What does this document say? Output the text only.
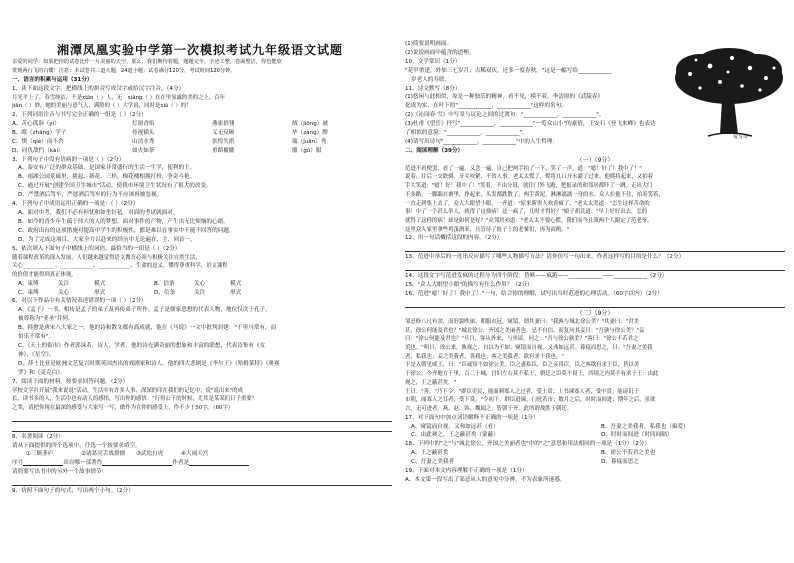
湘潭凤凰实验中学第一次模拟考试九年级语文试题
亲爱的同学：如果把你的试卷比作一片美丽的天空，那么，我们期待着题，题题完全，字迹工整，卷面整洁，你也能欣
赏到两行飞的白鹭！注意：本试卷共三道大题，24道小题；试卷满分120分，考试时间120分钟。
一、语言的积累与运用（31分）
1、读下面这段文字，把横线上的拼音写成汉字或给汉字注音。（4分）
月光平上了，春雪纯洁，不是xiān（ ）人，无　xiāng（ ）在在里显露的美的之上。百年
jiān（ ）妙，她的美丽与意气人，满脸的（ ）大学说，同时是xiā（ ）的！
2、下列词语注音与书写完全正确的一组是（ ）（2分）
A、苦心孤诣（yì）	灯窗香焰	燕雀拾翎	绒（jiōng）被
B、瞠（zhāng）学子	骨视猫头	义无反顾	毕（zàng）牌
C、锲（qiè）而不舍	山清水秀	张惶失措	瑞（juān）秀
D、同仇敌忾（kài）	如火如荼	重蹈覆辙	骼（gǔ）服
3、下列句子中没有语病的一项是（ ）（2分）
A、泰安有广泛的群众基础，是国家非常盛行的生活一生学，使利的主。
B、雨湖公园景廊里，挑起、新花、三桂，梅花楼相拥打扮，争奇斗艳。
C、通过开展"创建全国卫生城市"活动，使我市环境卫生状况有了很大的改变。
D、严禁酒后驾车，严惩酒后驾车的行为不应该再被忽视。
4、下列句子中成语运用正确的一项是：（ ）（2分）
A、面对中考，我们不必有担忧和如坐针毡。对面的考试就面对。
B、如今的青少年生疏于伟大的人的梦想，面对事件的产物，产生出无比烦恼的心绪。
C、政府出台的这项措施对提高中学生的积极性，都是难以在事实中不能不回答的问题。
D、为了完成这项目，大家全力以赴来的经历中无论遍在，主，回首一。
5、依次填入下面句子中横线上的词语，最恰当的一组是（ ）（2分）
随着课程改革的深入发展，人们越来越觉得语文教育必须与积极关注自然生活，
关心____________、____________、____________、生命的意义，懂得尊重科学，语文课程
的价值才能得到真正体现。
A、束缚	关注	模式	B、信条	关心	模式
C、束缚	关心	形式	D、信条	关注	形式
6、对以下作品中有关情况表述错误的一项（ ）（2分）
A、《孟子》一书，相传是孟子的弟子及再传弟子所作。孟子是儒家思想的代表人物，地位仅次于孔子，
被尊称为"亚圣"并列。
B、韩愈是唐宋八大家之一，他的诗和散文都有高成就，他在《马说》一文中批判封建："千里马常有，而
伯乐不常有"。
C、《天上的街市》作者郭沫若，诗人，学者，他的诗充满奇丽的想象和丰富的联想，代表诗集有《女
神》，《星空》。
D、莎士比亚是欧洲文艺复兴时期英国杰出的戏剧家和诗人，他的四大悲剧是《李尔王》《哈姆莱特》《奥赛
罗》和《麦克白》。
7、阅读下面的材料，按要求回答问题。（2分）
学校文学社开展"我来说说"活动，生活中有许多人事，深深的印在我们的记忆中，说"说出来"的成
长，读书多的人，生活中也有动人的感悟，写出你的感悟："行得公下的时候，尤其是某某们日子重要"
之类，请把你现在最深的感受与大家写一写，做作为在你的感受上，作不少于50字。（60字）
8、名著阅读（2分）
请从下面提供的四个选项中，任选一个按要求填空。
①三顾茅庐	②诸葛亮舌战群儒	③武松打虎	④大闹天宫
序号	出自哪一部著作	作者是
请简要写出书中的另外一个故事情节：
9、仿照下面句子的句式，写出两个小句。（2分）
(1)简要说明画面。
(2)说说画面中蕴含的道理。
10、文学常识（1分）
"花甲重逢，外加三七岁月；古稀双庆，还多一度春秋。"这是一幅写给____________
岁老人的寿联。
11、诗文默写（8分）
(1)悠闲与此相似，原是一种独乐的精神，看不见，摸不着。李清照的《武陵春》
化成为实，在叶下的"____________，____________"这样的名句。
(2)《沁园春·雪》中写景与议论之间的过渡句："____________，____________"。
(3)杜甫《望岳》抒写"____________，____________"一览众山小"的豪情，王安石《登飞来峰》也表达
了相似的意境："____________，____________"。
(4)请写出诗句"____________，____________"中的人生哲理：
二、阅读理解（39分）
（一）（9分）
范进不看便罢，看了一遍，又念一遍，自己把两手拍了一下，笑了一声，道："噫！好了！我中了！"
说着，往后一交跌倒，牙关咬紧，不省人事。老太太慌了，慌将几口开水灌了过来。他爬将起来，又拍着
手大笑道："噫！好！我中了！"笑着，不由分说，就往门外飞跑，把报录的和邻居都吓了一跳。走出大门
不多路，一脚踹在塘里，挣起来，头发都跌散了，两手黄泥，淋淋漓漓一身的水。众人拉他不住，拍着笑着，
一直走到集上去了。众人大眼望小眼，一齐道："原来新贵人欢喜疯了。"老太太哭道："怎生这样苦命的
事！中了一个甚么举人，就得了这拙病！这一疯了，几时才得好？"娘子胡氏道："早上好好出去，怎的
就得了这样的病！却是如何是好？"众邻居劝道："老太太不要心慌。我们而今且派两个人跟定了范老爷。
这里众人家里拿些鸡蛋酒米，且管待了报子上的老爹们，再为商酌。"
12、用一句话概括这段的内容。（2分）
13、范进中举后的一连串反应描写了哪些人物描写方法？请你仿写一句出来，作者这样写的目的是什么？（2分）
14、这段文字写范进发疯的过程分为四个阶段：昏厥——疯跑——____________——____________（2分）
15、"众人大眼望小眼"的描写有什么作用？（2分）
16、范进"噫！好了！我中了！"一句，结合你的理解，试写出当时范进的心理活动。（60字以内）（2分）
（二）（9分）
邹忌修八尺有余，而形貌昳丽。朝服衣冠，窥镜，谓其妻曰："我孰与城北徐公美？"其妻曰："君美
甚，徐公何能及君也？"城北徐公，齐国之美丽者也。忌不自信，而复问其妾曰："吾孰与徐公美？"妾
曰："徐公何能及君也？"旦日，客从外来，与坐谈，问之："吾与徐公孰美？"客曰："徐公不若君之
美也。"明日，徐公来，孰视之，自以为不如；窥镜而自视，又弗如远甚。暮寝而思之，曰："吾妻之美我
者，私我也；妾之美我者，畏我也；客之美我者，欲有求于我也。"
于是入朝见威王，曰："臣诚知不如徐公美。臣之妻私臣，臣之妾畏臣，臣之客欲有求于臣，皆以美
于徐公。今齐地方千里，百二十城，宫妇左右莫不私王，朝廷之臣莫不畏王，四境之内莫不有求于王：由此
观之，王之蔽甚矣。"
王曰："善。"乃下令："群臣吏民，能面刺寡人之过者，受上赏；上书谏寡人者，受中赏；能谤讥于
市朝，闻寡人之耳者，受下赏。"令初下，群臣进谏，门庭若市；数月之后，时时而间进；期年之后，虽欲
言，无可进者。燕、赵、韩、魏闻之，皆朝于齐。此所谓战胜于朝廷。
17、对下面句中加点词语解释不正确的一项是（1分）
A、窥镜而自视，又弗如远甚（看）	B、吾妻之美我者，私我也（偏爱）
C、由此观之，王之蔽甚矣（蒙蔽）	D、时时而间进（时间间隔）
18、下列中的"之"与"城北徐公，齐国之美丽者也"中的"之"意思和用法相同的一项是（1分）（2分）
A、王之蔽甚矣	B、徐公不若君之美也
C、吾妻之美我者	D、暮寝而思之
19、下面对本文内容理解不正确的一项是（1分）
A、本文第一段写出了邹忌从人的意见中分辨，不为表象所迷惑。
爱写诗
